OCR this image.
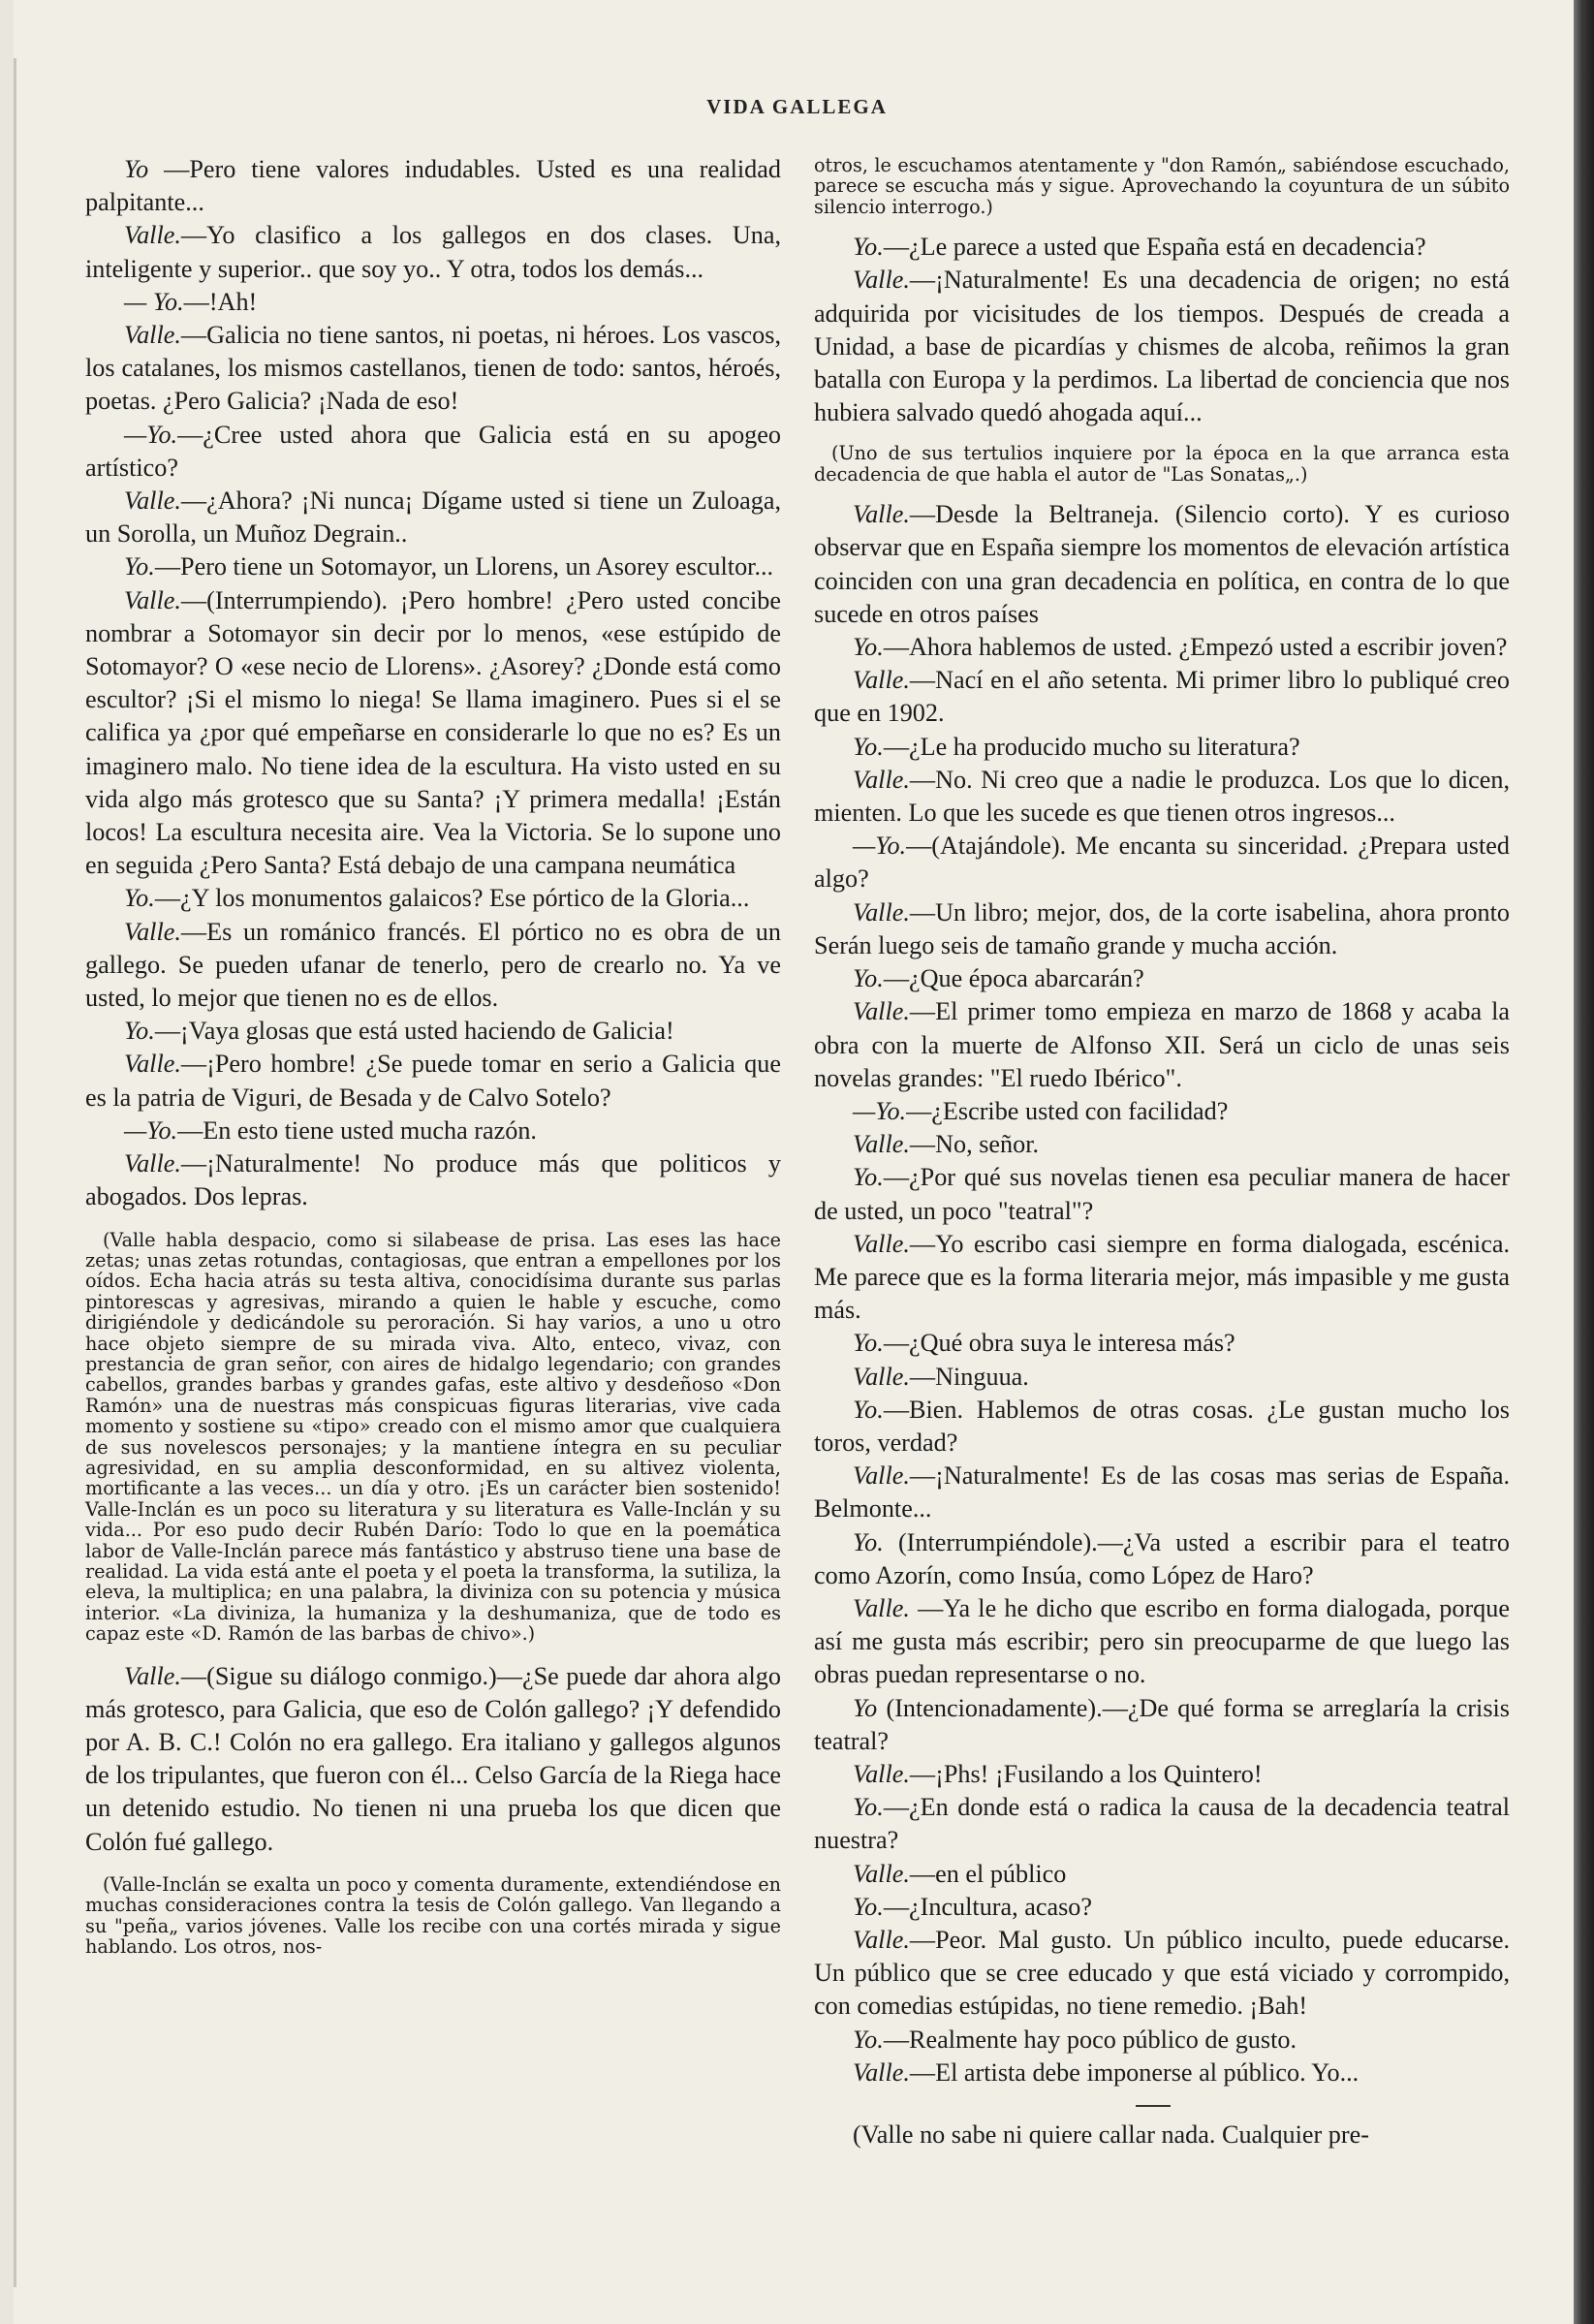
VIDA GALLEGA

Yo —Pero tiene valores indudables. Usted es una realidad palpitante...

Valle.—Yo clasifico a los gallegos en dos clases. Una, inteligente y superior.. que soy yo.. Y otra, todos los demás...

— Yo.—!Ah!

Valle.—Galicia no tiene santos, ni poetas, ni héroes. Los vascos, los catalanes, los mismos castellanos, tienen de todo: santos, héroés, poetas. ¿Pero Galicia? ¡Nada de eso!

—Yo.—¿Cree usted ahora que Galicia está en su apogeo artístico?

Valle.—¿Ahora? ¡Ni nunca¡ Dígame usted si tiene un Zuloaga, un Sorolla, un Muñoz Degrain..

Yo.—Pero tiene un Sotomayor, un Llorens, un Asorey escultor...

Valle.—(Interrumpiendo). ¡Pero hombre! ¿Pero usted concibe nombrar a Sotomayor sin decir por lo menos, «ese estúpido de Sotomayor? O «ese necio de Llorens». ¿Asorey? ¿Donde está como escultor? ¡Si el mismo lo niega! Se llama imaginero. Pues si el se califica ya ¿por qué empeñarse en considerarle lo que no es? Es un imaginero malo. No tiene idea de la escultura. Ha visto usted en su vida algo más grotesco que su Santa? ¡Y primera medalla! ¡Están locos! La escultura necesita aire. Vea la Victoria. Se lo supone uno en seguida ¿Pero Santa? Está debajo de una campana neumática

Yo.—¿Y los monumentos galaicos? Ese pórtico de la Gloria...

Valle.—Es un románico francés. El pórtico no es obra de un gallego. Se pueden ufanar de tenerlo, pero de crearlo no. Ya ve usted, lo mejor que tienen no es de ellos.

Yo.—¡Vaya glosas que está usted haciendo de Galicia!

Valle.—¡Pero hombre! ¿Se puede tomar en serio a Galicia que es la patria de Viguri, de Besada y de Calvo Sotelo?

—Yo.—En esto tiene usted mucha razón.

Valle.—¡Naturalmente! No produce más que politicos y abogados. Dos lepras.

(Valle habla despacio, como si silabease de prisa. Las eses las hace zetas; unas zetas rotundas, contagiosas, que entran a empellones por los oídos. Echa hacia atrás su testa altiva, conocidísima durante sus parlas pintorescas y agresivas, mirando a quien le hable y escuche, como dirigiéndole y dedicándole su peroración. Si hay varios, a uno u otro hace objeto siempre de su mirada viva. Alto, enteco, vivaz, con prestancia de gran señor, con aires de hidalgo legendario; con grandes cabellos, grandes barbas y grandes gafas, este altivo y desdeñoso «Don Ramón» una de nuestras más conspicuas figuras literarias, vive cada momento y sostiene su «tipo» creado con el mismo amor que cualquiera de sus novelescos personajes; y la mantiene íntegra en su peculiar agresividad, en su amplia desconformidad, en su altivez violenta, mortificante a las veces... un día y otro. ¡Es un carácter bien sostenido! Valle-Inclán es un poco su literatura y su literatura es Valle-Inclán y su vida... Por eso pudo decir Rubén Darío: Todo lo que en la poemática labor de Valle-Inclán parece más fantástico y abstruso tiene una base de realidad. La vida está ante el poeta y el poeta la transforma, la sutiliza, la eleva, la multiplica; en una palabra, la diviniza con su potencia y música interior. «La diviniza, la humaniza y la deshumaniza, que de todo es capaz este «D. Ramón de las barbas de chivo».)

Valle.—(Sigue su diálogo conmigo.)—¿Se puede dar ahora algo más grotesco, para Galicia, que eso de Colón gallego? ¡Y defendido por A. B. C.! Colón no era gallego. Era italiano y gallegos algunos de los tripulantes, que fueron con él... Celso García de la Riega hace un detenido estudio. No tienen ni una prueba los que dicen que Colón fué gallego.

(Valle-Inclán se exalta un poco y comenta duramente, extendiéndose en muchas consideraciones contra la tesis de Colón gallego. Van llegando a su "peña„ varios jóvenes. Valle los recibe con una cortés mirada y sigue hablando. Los otros, nos-

otros, le escuchamos atentamente y "don Ramón„ sabiéndose escuchado, parece se escucha más y sigue. Aprovechando la coyuntura de un súbito silencio interrogo.)

Yo.—¿Le parece a usted que España está en decadencia?

Valle.—¡Naturalmente! Es una decadencia de origen; no está adquirida por vicisitudes de los tiempos. Después de creada a Unidad, a base de picardías y chismes de alcoba, reñimos la gran batalla con Europa y la perdimos. La libertad de conciencia que nos hubiera salvado quedó ahogada aquí...

(Uno de sus tertulios inquiere por la época en la que arranca esta decadencia de que habla el autor de "Las Sonatas„.)

Valle.—Desde la Beltraneja. (Silencio corto). Y es curioso observar que en España siempre los momentos de elevación artística coinciden con una gran decadencia en política, en contra de lo que sucede en otros países

Yo.—Ahora hablemos de usted. ¿Empezó usted a escribir joven?

Valle.—Nací en el año setenta. Mi primer libro lo publiqué creo que en 1902.

Yo.—¿Le ha producido mucho su literatura?

Valle.—No. Ni creo que a nadie le produzca. Los que lo dicen, mienten. Lo que les sucede es que tienen otros ingresos...

—Yo.—(Atajándole). Me encanta su sinceridad. ¿Prepara usted algo?

Valle.—Un libro; mejor, dos, de la corte isabelina, ahora pronto Serán luego seis de tamaño grande y mucha acción.

Yo.—¿Que época abarcarán?

Valle.—El primer tomo empieza en marzo de 1868 y acaba la obra con la muerte de Alfonso XII. Será un ciclo de unas seis novelas grandes: "El ruedo Ibérico".

—Yo.—¿Escribe usted con facilidad?

Valle.—No, señor.

Yo.—¿Por qué sus novelas tienen esa peculiar manera de hacer de usted, un poco "teatral"?

Valle.—Yo escribo casi siempre en forma dialogada, escénica. Me parece que es la forma literaria mejor, más impasible y me gusta más.

Yo.—¿Qué obra suya le interesa más?

Valle.—Ninguua.

Yo.—Bien. Hablemos de otras cosas. ¿Le gustan mucho los toros, verdad?

Valle.—¡Naturalmente! Es de las cosas mas serias de España. Belmonte...

Yo. (Interrumpiéndole).—¿Va usted a escribir para el teatro como Azorín, como Insúa, como López de Haro?

Valle. —Ya le he dicho que escribo en forma dialogada, porque así me gusta más escribir; pero sin preocuparme de que luego las obras puedan representarse o no.

Yo (Intencionadamente).—¿De qué forma se arreglaría la crisis teatral?

Valle.—¡Phs! ¡Fusilando a los Quintero!

Yo.—¿En donde está o radica la causa de la decadencia teatral nuestra?

Valle.—en el público

Yo.—¿Incultura, acaso?

Valle.—Peor. Mal gusto. Un público inculto, puede educarse. Un público que se cree educado y que está viciado y corrompido, con comedias estúpidas, no tiene remedio. ¡Bah!

Yo.—Realmente hay poco público de gusto.

Valle.—El artista debe imponerse al público. Yo...

(Valle no sabe ni quiere callar nada. Cualquier pre-
